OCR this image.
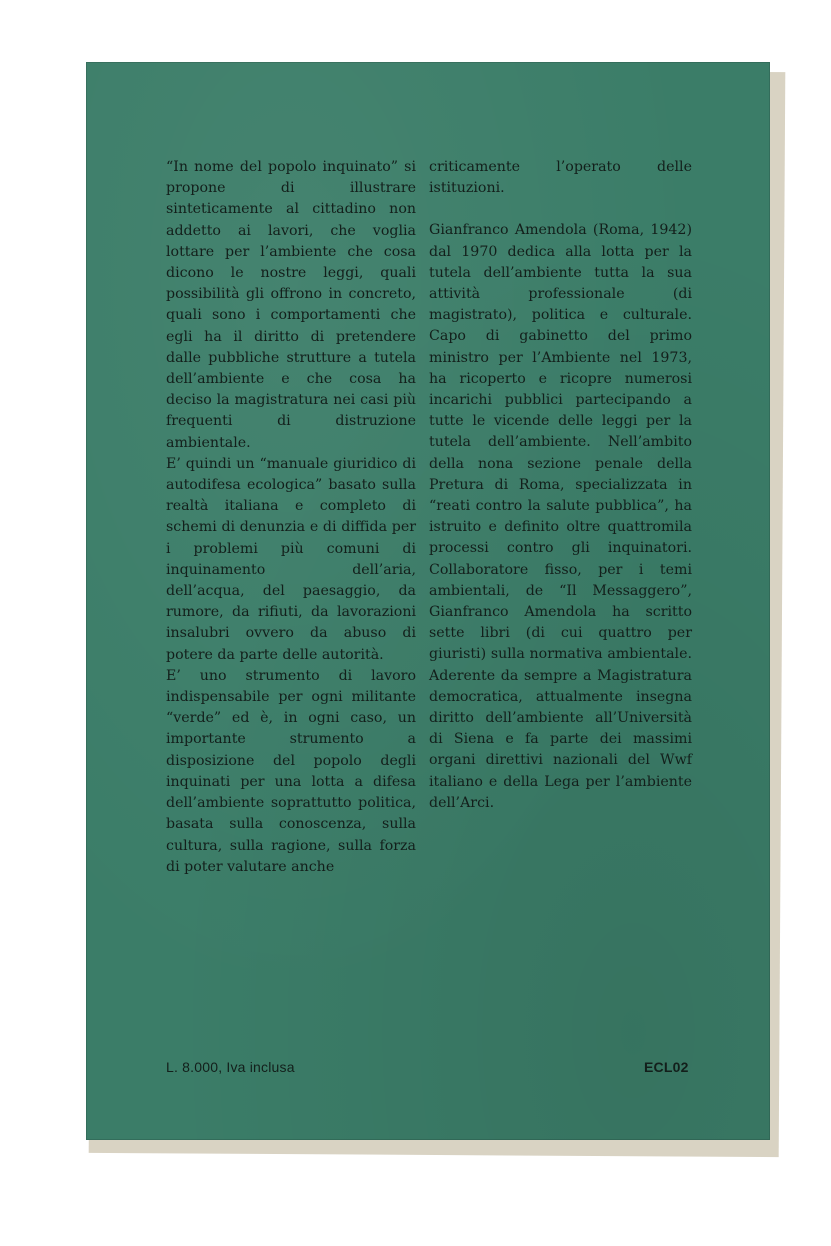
“In nome del popolo inquinato” si propone di illustrare sinteticamente al cittadino non addetto ai lavori, che voglia lottare per l’ambiente che cosa dicono le nostre leggi, quali possibilità gli offrono in concreto, quali sono i comportamenti che egli ha il diritto di pretendere dalle pubbliche strutture a tutela dell’ambiente e che cosa ha deciso la magistratura nei casi più frequenti di distruzione ambientale.

E’ quindi un “manuale giuridico di autodifesa ecologica” basato sulla realtà italiana e completo di schemi di denunzia e di diffida per i problemi più comuni di inquinamento dell’aria, dell’acqua, del paesaggio, da rumore, da rifiuti, da lavorazioni insalubri ovvero da abuso di potere da parte delle autorità.

E’ uno strumento di lavoro indispensabile per ogni militante “verde” ed è, in ogni caso, un importante strumento a disposizione del popolo degli inquinati per una lotta a difesa dell’ambiente soprattutto politica, basata sulla conoscenza, sulla cultura, sulla ragione, sulla forza di poter valutare anche

criticamente l’operato delle istituzioni.

Gianfranco Amendola (Roma, 1942) dal 1970 dedica alla lotta per la tutela dell’ambiente tutta la sua attività professionale (di magistrato), politica e culturale. Capo di gabinetto del primo ministro per l’Ambiente nel 1973, ha ricoperto e ricopre numerosi incarichi pubblici partecipando a tutte le vicende delle leggi per la tutela dell’ambiente. Nell’ambito della nona sezione penale della Pretura di Roma, specializzata in “reati contro la salute pubblica”, ha istruito e definito oltre quattromila processi contro gli inquinatori. Collaboratore fisso, per i temi ambientali, de “Il Messaggero”, Gianfranco Amendola ha scritto sette libri (di cui quattro per giuristi) sulla normativa ambientale. Aderente da sempre a Magistratura democratica, attualmente insegna diritto dell’ambiente all’Università di Siena e fa parte dei massimi organi direttivi nazionali del Wwf italiano e della Lega per l’ambiente dell’Arci.

L. 8.000, Iva inclusa	ECL02
